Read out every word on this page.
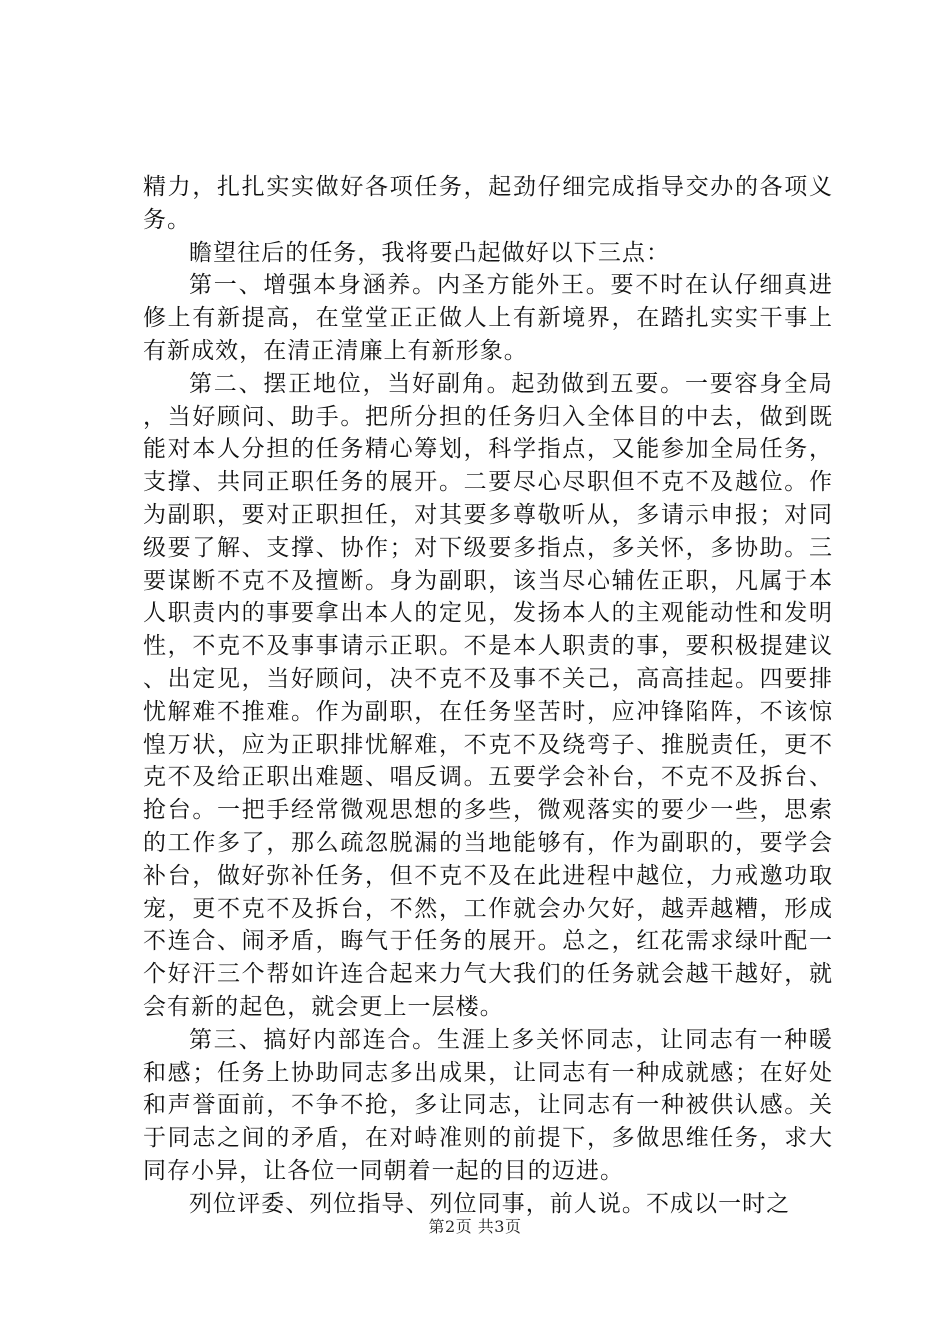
精力，扎扎实实做好各项任务，起劲仔细完成指导交办的各项义务。

瞻望往后的任务，我将要凸起做好以下三点：

第一、增强本身涵养。内圣方能外王。要不时在认仔细真进修上有新提高，在堂堂正正做人上有新境界，在踏扎实实干事上有新成效，在清正清廉上有新形象。

第二、摆正地位，当好副角。起劲做到五要。一要容身全局，当好顾问、助手。把所分担的任务归入全体目的中去，做到既能对本人分担的任务精心筹划，科学指点，又能参加全局任务，支撑、共同正职任务的展开。二要尽心尽职但不克不及越位。作为副职，要对正职担任，对其要多尊敬听从，多请示申报；对同级要了解、支撑、协作；对下级要多指点，多关怀，多协助。三要谋断不克不及擅断。身为副职，该当尽心辅佐正职，凡属于本人职责内的事要拿出本人的定见，发扬本人的主观能动性和发明性，不克不及事事请示正职。不是本人职责的事，要积极提建议、出定见，当好顾问，决不克不及事不关己，高高挂起。四要排忧解难不推难。作为副职，在任务坚苦时，应冲锋陷阵，不该惊惶万状，应为正职排忧解难，不克不及绕弯子、推脱责任，更不克不及给正职出难题、唱反调。五要学会补台，不克不及拆台、抢台。一把手经常微观思想的多些，微观落实的要少一些，思索的工作多了，那么疏忽脱漏的当地能够有，作为副职的，要学会补台，做好弥补任务，但不克不及在此进程中越位，力戒邀功取宠，更不克不及拆台，不然，工作就会办欠好，越弄越糟，形成不连合、闹矛盾，晦气于任务的展开。总之，红花需求绿叶配一个好汗三个帮如许连合起来力气大我们的任务就会越干越好，就会有新的起色，就会更上一层楼。

第三、搞好内部连合。生涯上多关怀同志，让同志有一种暖和感；任务上协助同志多出成果，让同志有一种成就感；在好处和声誉面前，不争不抢，多让同志，让同志有一种被供认感。关于同志之间的矛盾，在对峙准则的前提下，多做思维任务，求大同存小异，让各位一同朝着一起的目的迈进。

列位评委、列位指导、列位同事，前人说。不成以一时之

第2页 共3页
